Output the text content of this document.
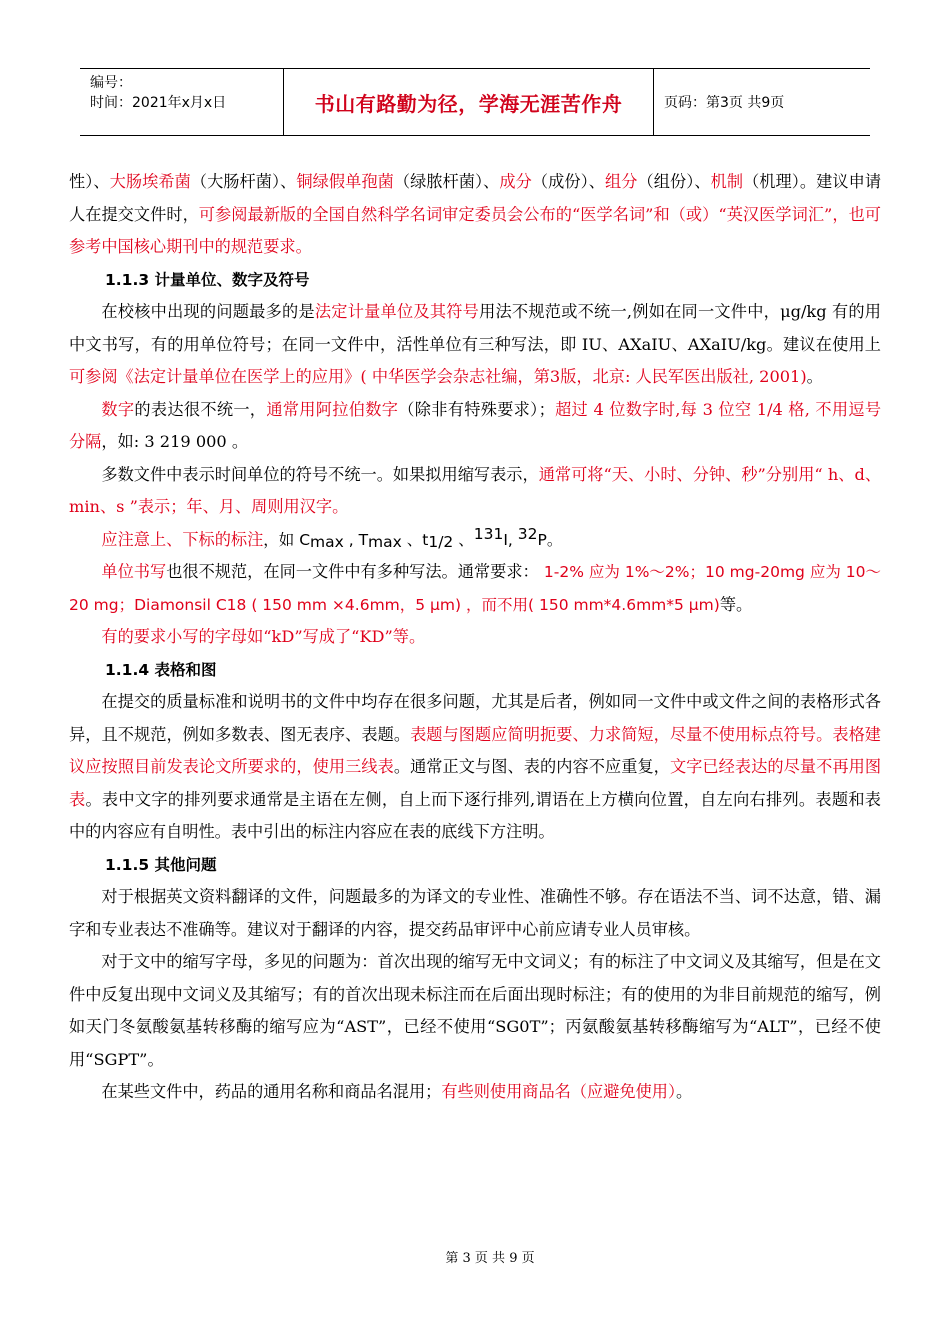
编号：
时间：2021年x月x日	书山有路勤为径，学海无涯苦作舟	页码：第3页 共9页

性）、大肠埃希菌（大肠杆菌）、铜绿假单孢菌（绿脓杆菌）、成分（成份）、组分（组份）、机制（机理）。建议申请人在提交文件时，可参阅最新版的全国自然科学名词审定委员会公布的“医学名词”和（或）“英汉医学词汇”，也可参考中国核心期刊中的规范要求。

1.1.3 计量单位、数字及符号

在校核中出现的问题最多的是法定计量单位及其符号用法不规范或不统一,例如在同一文件中，μg/kg 有的用中文书写，有的用单位符号；在同一文件中，活性单位有三种写法，即 IU、AXaIU、AXaIU/kg。建议在使用上可参阅《法定计量单位在医学上的应用》( 中华医学会杂志社编，第3版，北京: 人民军医出版社, 2001)。

数字的表达很不统一，通常用阿拉伯数字（除非有特殊要求）；超过 4 位数字时,每 3 位空 1/4 格, 不用逗号分隔，如: 3 219 000 。

多数文件中表示时间单位的符号不统一。如果拟用缩写表示，通常可将“天、小时、分钟、秒”分别用“ h、d、min、s ”表示；年、月、周则用汉字。

应注意上、下标的标注，如 $C_{max}$ , $T_{max}$ 、$t_{1/2}$ 、$^{131}$I, $^{32}$P。

单位书写也很不规范，在同一文件中有多种写法。通常要求： 1-2% 应为 1%～2%；10 mg-20mg 应为 10～20 mg；Diamonsil C18 ( 150 mm ×4.6mm，5 μm) ，而不用( 150 mm*4.6mm*5 μm)等。

有的要求小写的字母如“kD”写成了“KD”等。

1.1.4 表格和图

在提交的质量标准和说明书的文件中均存在很多问题，尤其是后者，例如同一文件中或文件之间的表格形式各异，且不规范，例如多数表、图无表序、表题。表题与图题应简明扼要、力求简短，尽量不使用标点符号。表格建议应按照目前发表论文所要求的，使用三线表。通常正文与图、表的内容不应重复，文字已经表达的尽量不再用图表。表中文字的排列要求通常是主语在左侧，自上而下逐行排列,谓语在上方横向位置，自左向右排列。表题和表中的内容应有自明性。表中引出的标注内容应在表的底线下方注明。

1.1.5 其他问题

对于根据英文资料翻译的文件，问题最多的为译文的专业性、准确性不够。存在语法不当、词不达意，错、漏字和专业表达不准确等。建议对于翻译的内容，提交药品审评中心前应请专业人员审核。

对于文中的缩写字母，多见的问题为：首次出现的缩写无中文词义；有的标注了中文词义及其缩写，但是在文件中反复出现中文词义及其缩写；有的首次出现未标注而在后面出现时标注；有的使用的为非目前规范的缩写，例如天门冬氨酸氨基转移酶的缩写应为“AST”，已经不使用“SG0T”；丙氨酸氨基转移酶缩写为“ALT”，已经不使用“SGPT”。

在某些文件中，药品的通用名称和商品名混用；有些则使用商品名（应避免使用）。

第 3 页 共 9 页
